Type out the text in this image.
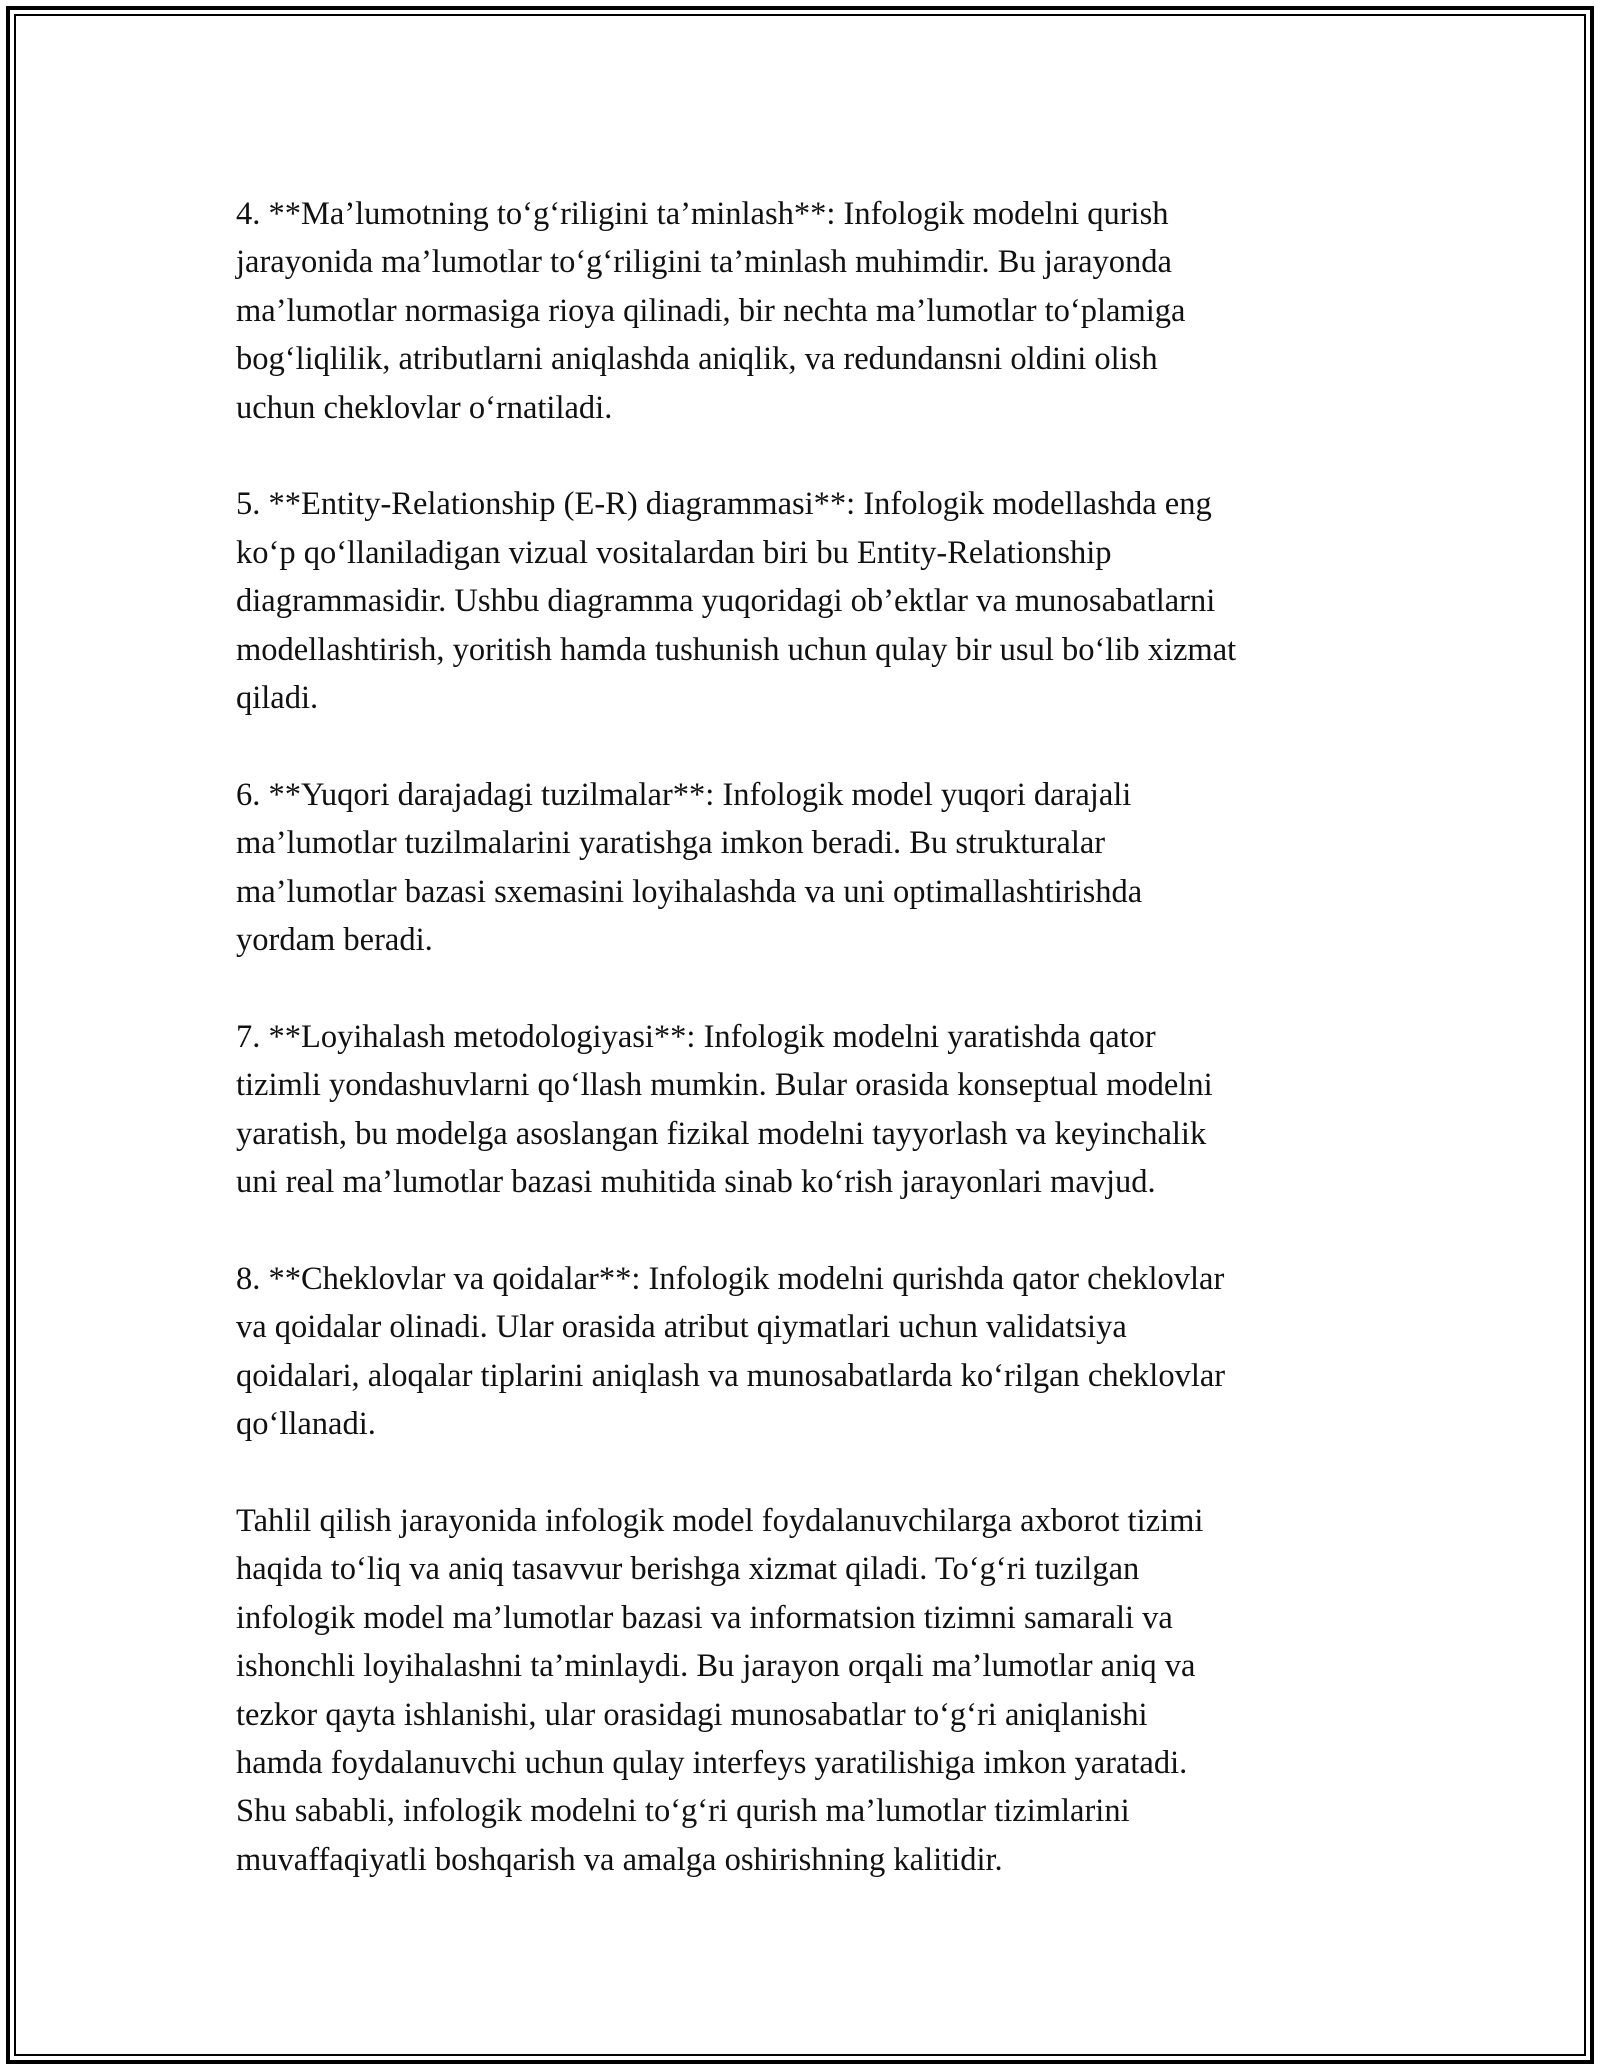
4. **Ma’lumotning to‘g‘riligini ta’minlash**: Infologik modelni qurish
jarayonida ma’lumotlar to‘g‘riligini ta’minlash muhimdir. Bu jarayonda
ma’lumotlar normasiga rioya qilinadi, bir nechta ma’lumotlar to‘plamiga
bog‘liqlilik, atributlarni aniqlashda aniqlik, va redundansni oldini olish
uchun cheklovlar o‘rnatiladi.

5. **Entity-Relationship (E-R) diagrammasi**: Infologik modellashda eng
ko‘p qo‘llaniladigan vizual vositalardan biri bu Entity-Relationship
diagrammasidir. Ushbu diagramma yuqoridagi ob’ektlar va munosabatlarni
modellashtirish, yoritish hamda tushunish uchun qulay bir usul bo‘lib xizmat
qiladi.

6. **Yuqori darajadagi tuzilmalar**: Infologik model yuqori darajali
ma’lumotlar tuzilmalarini yaratishga imkon beradi. Bu strukturalar
ma’lumotlar bazasi sxemasini loyihalashda va uni optimallashtirishda
yordam beradi.

7. **Loyihalash metodologiyasi**: Infologik modelni yaratishda qator
tizimli yondashuvlarni qo‘llash mumkin. Bular orasida konseptual modelni
yaratish, bu modelga asoslangan fizikal modelni tayyorlash va keyinchalik
uni real ma’lumotlar bazasi muhitida sinab ko‘rish jarayonlari mavjud.

8. **Cheklovlar va qoidalar**: Infologik modelni qurishda qator cheklovlar
va qoidalar olinadi. Ular orasida atribut qiymatlari uchun validatsiya
qoidalari, aloqalar tiplarini aniqlash va munosabatlarda ko‘rilgan cheklovlar
qo‘llanadi.

Tahlil qilish jarayonida infologik model foydalanuvchilarga axborot tizimi
haqida to‘liq va aniq tasavvur berishga xizmat qiladi. To‘g‘ri tuzilgan
infologik model ma’lumotlar bazasi va informatsion tizimni samarali va
ishonchli loyihalashni ta’minlaydi. Bu jarayon orqali ma’lumotlar aniq va
tezkor qayta ishlanishi, ular orasidagi munosabatlar to‘g‘ri aniqlanishi
hamda foydalanuvchi uchun qulay interfeys yaratilishiga imkon yaratadi.
Shu sababli, infologik modelni to‘g‘ri qurish ma’lumotlar tizimlarini
muvaffaqiyatli boshqarish va amalga oshirishning kalitidir.
